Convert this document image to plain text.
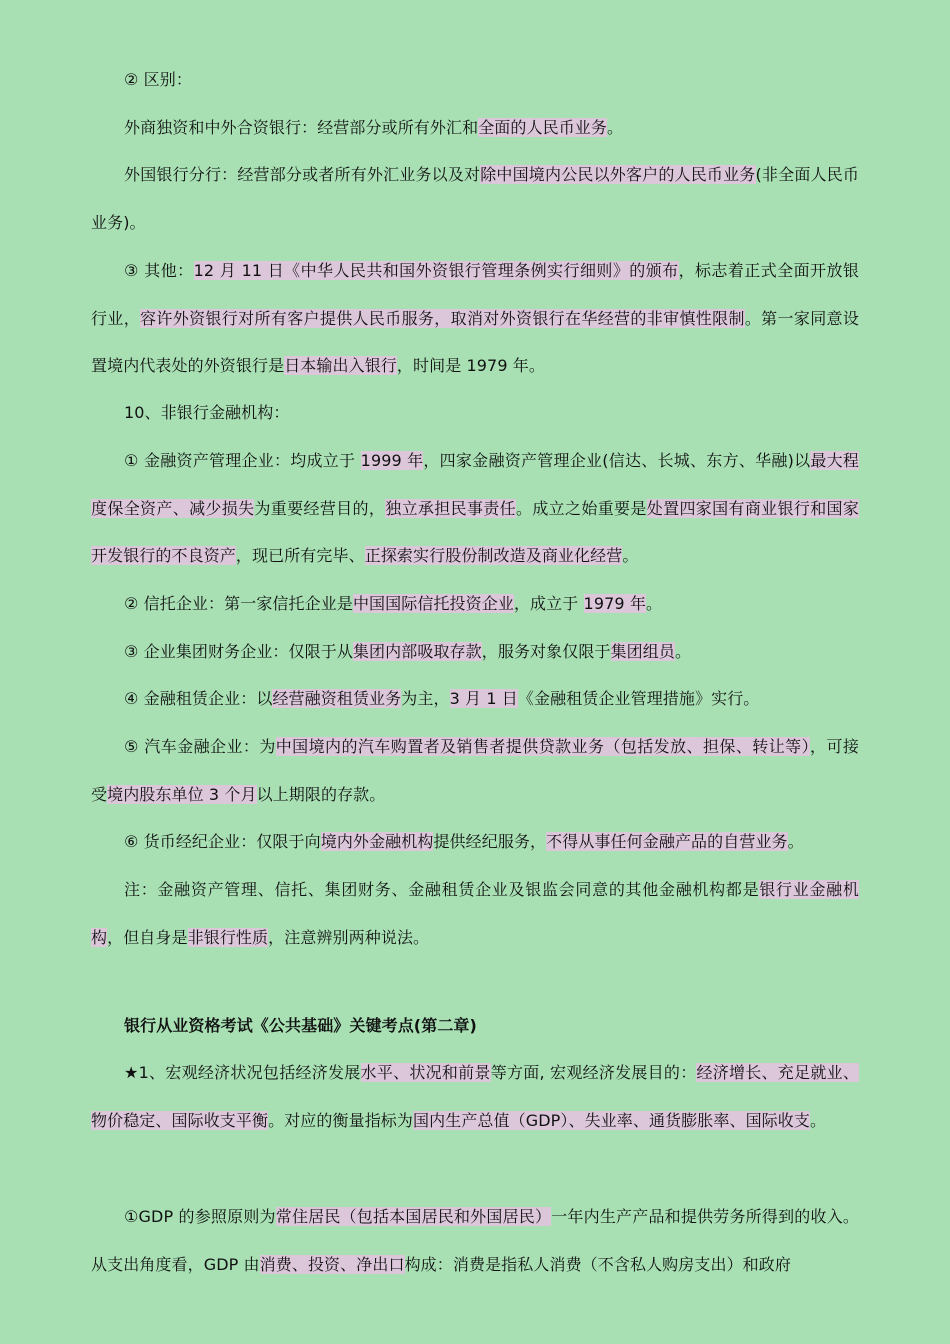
② 区别：

外商独资和中外合资银行：经营部分或所有外汇和全面的人民币业务。

外国银行分行：经营部分或者所有外汇业务以及对除中国境内公民以外客户的人民币业务(非全面人民币业务)。

③ 其他：12 月 11 日《中华人民共和国外资银行管理条例实行细则》的颁布，标志着正式全面开放银行业，容许外资银行对所有客户提供人民币服务，取消对外资银行在华经营的非审慎性限制。第一家同意设置境内代表处的外资银行是日本输出入银行，时间是 1979 年。

10、非银行金融机构：

① 金融资产管理企业：均成立于 1999 年，四家金融资产管理企业(信达、长城、东方、华融)以最大程度保全资产、减少损失为重要经营目的，独立承担民事责任。成立之始重要是处置四家国有商业银行和国家开发银行的不良资产，现已所有完毕、正探索实行股份制改造及商业化经营。

② 信托企业：第一家信托企业是中国国际信托投资企业，成立于 1979 年。

③ 企业集团财务企业：仅限于从集团内部吸取存款，服务对象仅限于集团组员。

④ 金融租赁企业：以经营融资租赁业务为主，3 月 1 日《金融租赁企业管理措施》实行。

⑤ 汽车金融企业：为中国境内的汽车购置者及销售者提供贷款业务（包括发放、担保、转让等），可接受境内股东单位 3 个月以上期限的存款。

⑥ 货币经纪企业：仅限于向境内外金融机构提供经纪服务，不得从事任何金融产品的自营业务。

注：金融资产管理、信托、集团财务、金融租赁企业及银监会同意的其他金融机构都是银行业金融机构，但自身是非银行性质，注意辨别两种说法。

银行从业资格考试《公共基础》关键考点(第二章)

★1、宏观经济状况包括经济发展水平、状况和前景等方面, 宏观经济发展目的：经济增长、充足就业、物价稳定、国际收支平衡。对应的衡量指标为国内生产总值（GDP）、失业率、通货膨胀率、国际收支。

①GDP 的参照原则为常住居民（包括本国居民和外国居民）一年内生产产品和提供劳务所得到的收入。从支出角度看，GDP 由消费、投资、净出口构成：消费是指私人消费（不含私人购房支出）和政府
